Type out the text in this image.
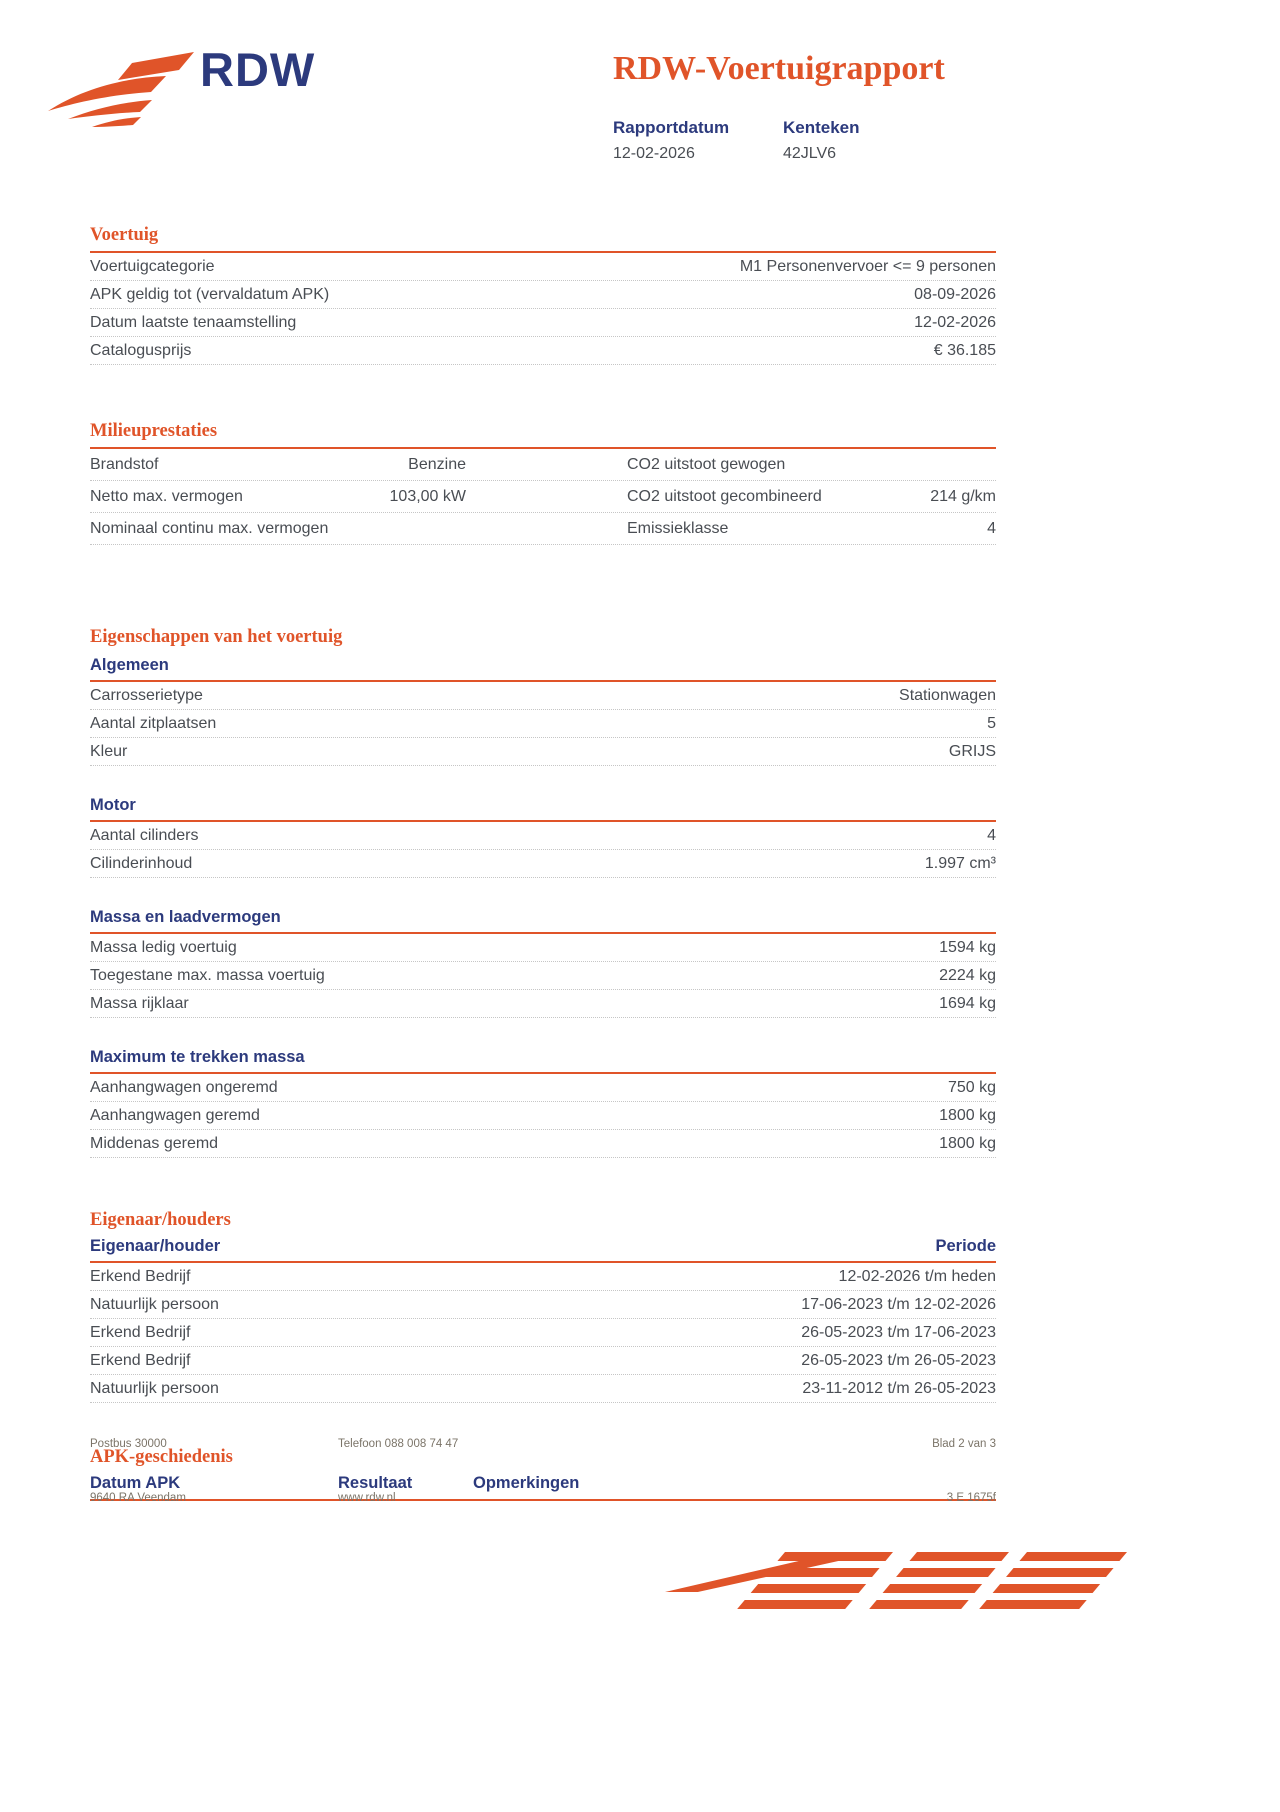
RDW	RDW-Voertuigrapport
Rapportdatum
12-02-2026
Kenteken
42JLV6
Voertuig
Voertuigcategorie	M1 Personenvervoer <= 9 personen
APK geldig tot (vervaldatum APK)	08-09-2026
Datum laatste tenaamstelling	12-02-2026
Catalogusprijs	€ 36.185
Milieuprestaties
Brandstof	Benzine	CO2 uitstoot gewogen
Netto max. vermogen	103,00 kW	CO2 uitstoot gecombineerd	214 g/km
Nominaal continu max. vermogen	Emissieklasse	4
Eigenschappen van het voertuig
Algemeen
Carrosserietype	Stationwagen
Aantal zitplaatsen	5
Kleur	GRIJS
Motor
Aantal cilinders	4
Cilinderinhoud	1.997 cm³
Massa en laadvermogen
Massa ledig voertuig	1594 kg
Toegestane max. massa voertuig	2224 kg
Massa rijklaar	1694 kg
Maximum te trekken massa
Aanhangwagen ongeremd	750 kg
Aanhangwagen geremd	1800 kg
Middenas geremd	1800 kg
Eigenaar/houders
Eigenaar/houder	Periode
Erkend Bedrijf	12-02-2026 t/m heden
Natuurlijk persoon	17-06-2023 t/m 12-02-2026
Erkend Bedrijf	26-05-2023 t/m 17-06-2023
Erkend Bedrijf	26-05-2023 t/m 26-05-2023
Natuurlijk persoon	23-11-2012 t/m 26-05-2023
APK-geschiedenis
Datum APK	Resultaat	Opmerkingen
Postbus 30000	Telefoon 088 008 74 47	Blad 2 van 3
9640 RA Veendam	www.rdw.nl	3 E 1675f
